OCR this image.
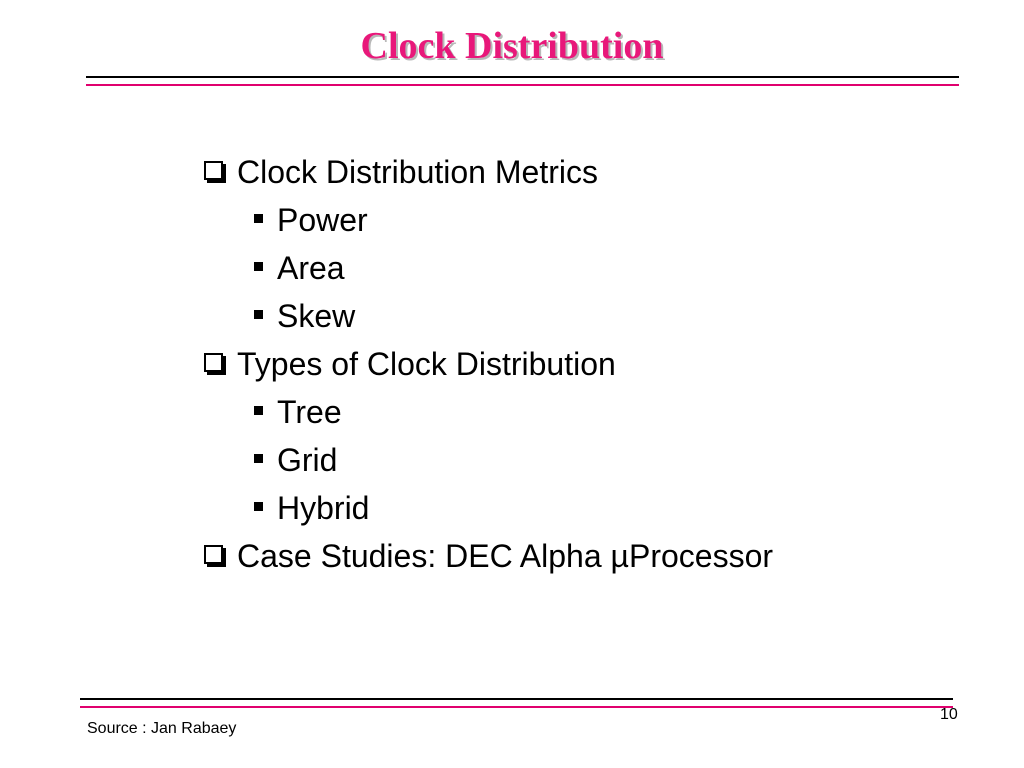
Clock Distribution
Clock Distribution Metrics
Power
Area
Skew
Types of Clock Distribution
Tree
Grid
Hybrid
Case Studies: DEC Alpha µProcessor
10
Source : Jan Rabaey
